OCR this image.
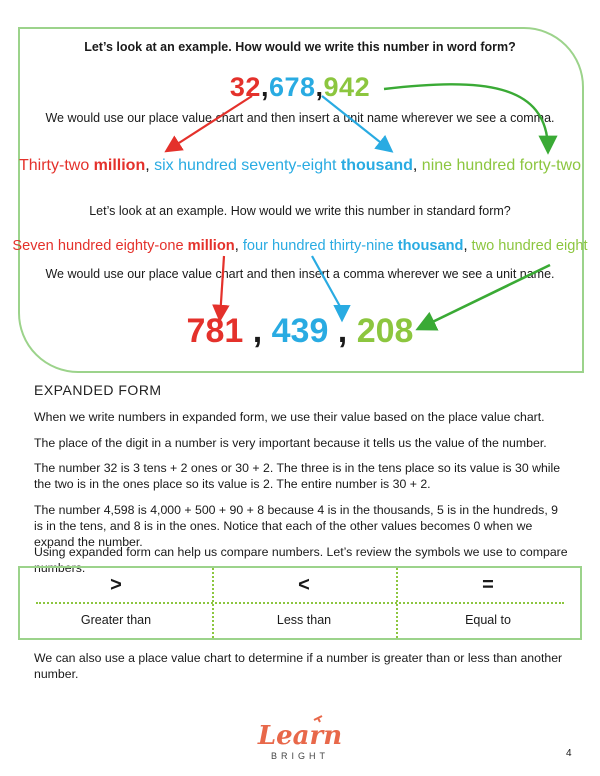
Let’s look at an example. How would we write this number in word form?
32,678,942
We would use our place value chart and then insert a unit name wherever we see a comma.
Thirty-two million, six hundred seventy-eight thousand, nine hundred forty-two
Let’s look at an example. How would we write this number in standard form?
Seven hundred eighty-one million, four hundred thirty-nine thousand, two hundred eight
We would use our place value chart and then insert a comma wherever we see a unit name.
781 , 439 , 208
EXPANDED FORM
When we write numbers in expanded form, we use their value based on the place value chart.
The place of the digit in a number is very important because it tells us the value of the number.
The number 32 is 3 tens + 2 ones or 30 + 2. The three is in the tens place so its value is 30 while the two is in the ones place so its value is 2. The entire number is 30 + 2.
The number 4,598 is 4,000 + 500 + 90 + 8 because 4 is in the thousands, 5 is in the hundreds, 9 is in the tens, and 8 is in the ones. Notice that each of the other values becomes 0 when we expand the number.
Using expanded form can help us compare numbers. Let’s review the symbols we use to compare numbers.
>	<	=
Greater than	Less than	Equal to
We can also use a place value chart to determine if a number is greater than or less than another number.
Learn
BRIGHT	4
